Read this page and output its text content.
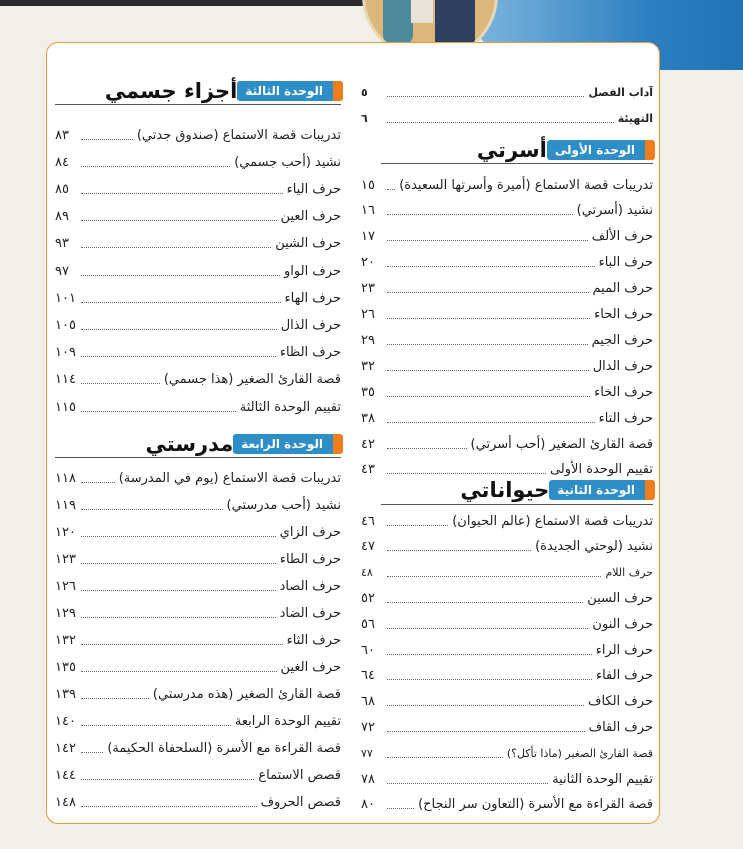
آداب الفصل
٥
التهيئة
٦
الوحدة الأولى
أسرتي
تدريبات قصة الاستماع (أميرة وأسرتها السعيدة)
١٥
نشيد (أسرتي)
١٦
حرف الألف
١٧
حرف الباء
٢٠
حرف الميم
٢٣
حرف الحاء
٢٦
حرف الجيم
٢٩
حرف الدال
٣٢
حرف الخاء
٣٥
حرف التاء
٣٨
قصة القارئ الصغير (أحب أسرتي)
٤٢
تقييم الوحدة الأولى
٤٣
الوحدة الثانية
حيواناتي
تدريبات قصة الاستماع (عالم الحيوان)
٤٦
نشيد (لوحتي الجديدة)
٤٧
حرف اللام
٤٨
حرف السين
٥٢
حرف النون
٥٦
حرف الراء
٦٠
حرف الفاء
٦٤
حرف الكاف
٦٨
حرف القاف
٧٢
قصة القارئ الصغير (ماذا تأكل؟)
٧٧
تقييم الوحدة الثانية
٧٨
قصة القراءة مع الأسرة (التعاون سر النجاح)
٨٠
الوحدة الثالثة
أجزاء جسمي
تدريبات قصة الاستماع (صندوق جدتي)
٨٣
نشيد (أحب جسمي)
٨٤
حرف الياء
٨٥
حرف العين
٨٩
حرف الشين
٩٣
حرف الواو
٩٧
حرف الهاء
١٠١
حرف الذال
١٠٥
حرف الظاء
١٠٩
قصة القارئ الصغير (هذا جسمي)
١١٤
تقييم الوحدة الثالثة
١١٥
الوحدة الرابعة
مدرستي
تدريبات قصة الاستماع (يوم في المدرسة)
١١٨
نشيد (أحب مدرستي)
١١٩
حرف الزاي
١٢٠
حرف الطاء
١٢٣
حرف الصاد
١٢٦
حرف الضاد
١٢٩
حرف الثاء
١٣٢
حرف الغين
١٣٥
قصة القارئ الصغير (هذه مدرستي)
١٣٩
تقييم الوحدة الرابعة
١٤٠
قصة القراءة مع الأسرة (السلحفاة الحكيمة)
١٤٢
قصص الاستماع
١٤٤
قصص الحروف
١٤٨
